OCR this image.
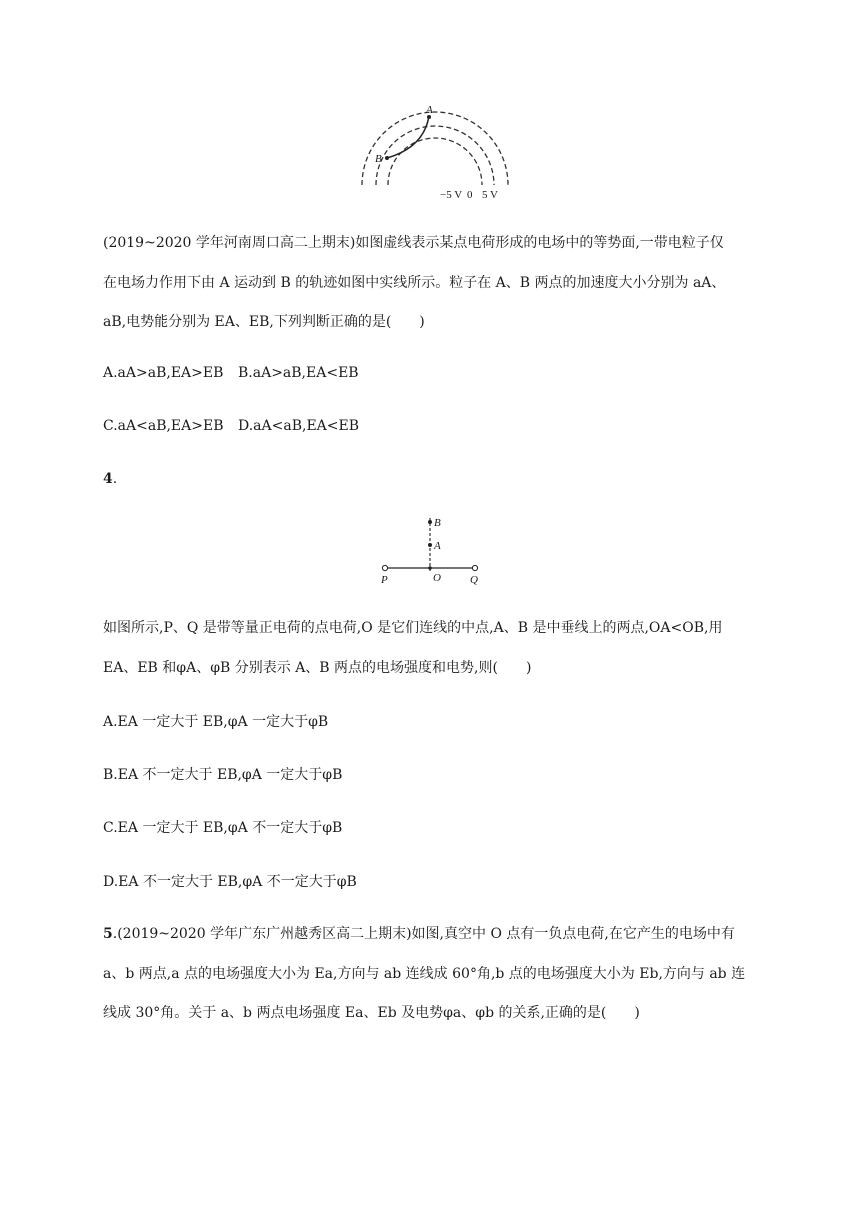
A
B
−5 V 0 5 V
(2019~2020 学年河南周口高二上期末)如图虚线表示某点电荷形成的电场中的等势面,一带电粒子仅
在电场力作用下由 A 运动到 B 的轨迹如图中实线所示。粒子在 A、B 两点的加速度大小分别为 aA、
aB,电势能分别为 EA、EB,下列判断正确的是(　　)
A.aA>aB,EA>EB B.aA>aB,EA<EB
C.aA<aB,EA>EB D.aA<aB,EA<EB
4.
B
A
P	O	Q
如图所示,P、Q 是带等量正电荷的点电荷,O 是它们连线的中点,A、B 是中垂线上的两点,OA<OB,用
EA、EB 和φA、φB 分别表示 A、B 两点的电场强度和电势,则(　　)
A.EA 一定大于 EB,φA 一定大于φB
B.EA 不一定大于 EB,φA 一定大于φB
C.EA 一定大于 EB,φA 不一定大于φB
D.EA 不一定大于 EB,φA 不一定大于φB
5.(2019~2020 学年广东广州越秀区高二上期末)如图,真空中 O 点有一负点电荷,在它产生的电场中有
a、b 两点,a 点的电场强度大小为 Ea,方向与 ab 连线成 60°角,b 点的电场强度大小为 Eb,方向与 ab 连
线成 30°角。关于 a、b 两点电场强度 Ea、Eb 及电势φa、φb 的关系,正确的是(　　)
